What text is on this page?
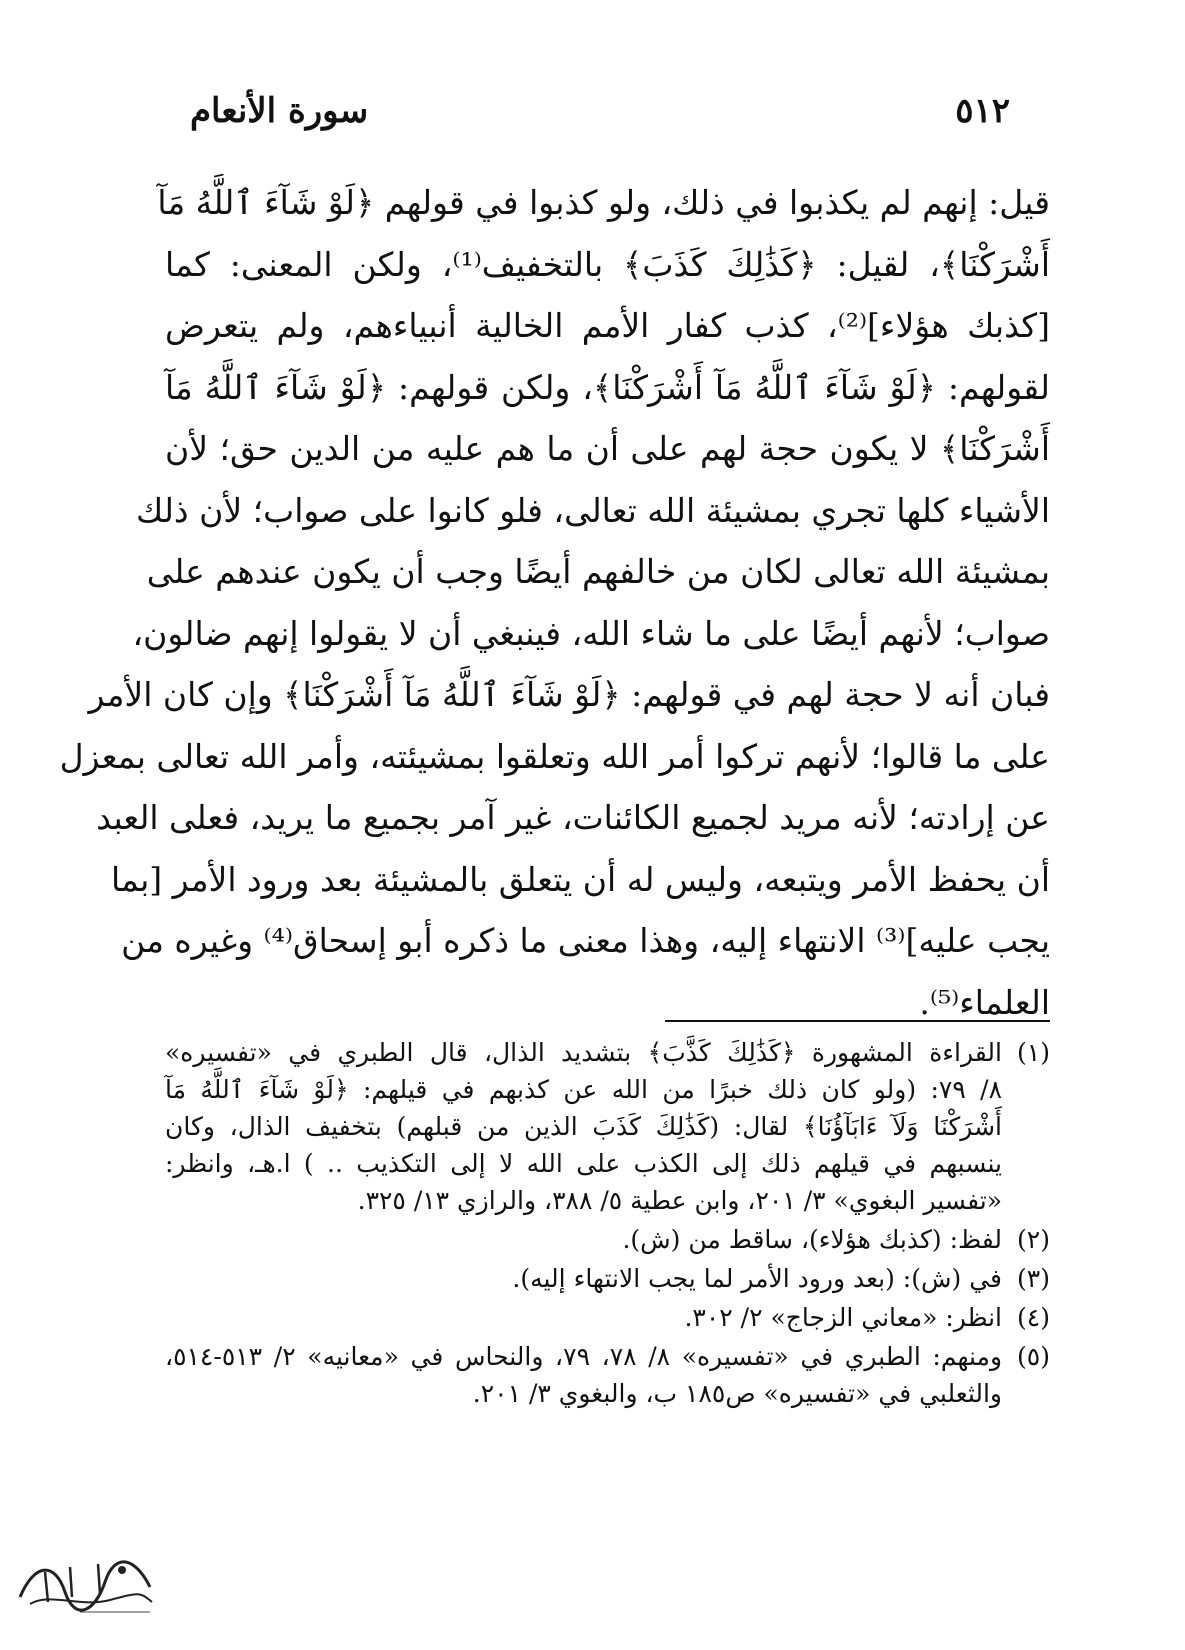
٥١٢
سورة الأنعام
قيل: إنهم لم يكذبوا في ذلك، ولو كذبوا في قولهم ﴿لَوْ شَآءَ ٱللَّهُ مَآ
أَشْرَكْنَا﴾، لقيل: ﴿كَذَٰلِكَ كَذَبَ﴾ بالتخفيف⁽¹⁾، ولكن المعنى: كما
[كذبك هؤلاء]⁽²⁾، كذب كفار الأمم الخالية أنبياءهم، ولم يتعرض
لقولهم: ﴿لَوْ شَآءَ ٱللَّهُ مَآ أَشْرَكْنَا﴾، ولكن قولهم: ﴿لَوْ شَآءَ ٱللَّهُ مَآ
أَشْرَكْنَا﴾ لا يكون حجة لهم على أن ما هم عليه من الدين حق؛ لأن
الأشياء كلها تجري بمشيئة الله تعالى، فلو كانوا على صواب؛ لأن ذلك
بمشيئة الله تعالى لكان من خالفهم أيضًا وجب أن يكون عندهم على
صواب؛ لأنهم أيضًا على ما شاء الله، فينبغي أن لا يقولوا إنهم ضالون،
فبان أنه لا حجة لهم في قولهم: ﴿لَوْ شَآءَ ٱللَّهُ مَآ أَشْرَكْنَا﴾ وإن كان الأمر
على ما قالوا؛ لأنهم تركوا أمر الله وتعلقوا بمشيئته، وأمر الله تعالى بمعزل
عن إرادته؛ لأنه مريد لجميع الكائنات، غير آمر بجميع ما يريد، فعلى العبد
أن يحفظ الأمر ويتبعه، وليس له أن يتعلق بالمشيئة بعد ورود الأمر [بما
يجب عليه]⁽³⁾ الانتهاء إليه، وهذا معنى ما ذكره أبو إسحاق⁽⁴⁾ وغيره من
العلماء⁽⁵⁾.
(١)
القراءة المشهورة ﴿كَذَٰلِكَ كَذَّبَ﴾ بتشديد الذال، قال الطبري في «تفسيره»
٨/ ٧٩: (ولو كان ذلك خبرًا من الله عن كذبهم في قيلهم: ﴿لَوْ شَآءَ ٱللَّهُ مَآ
أَشْرَكْنَا وَلَآ ءَابَآؤُنَا﴾ لقال: (كَذَٰلِكَ كَذَبَ الذين من قبلهم) بتخفيف الذال، وكان
ينسبهم في قيلهم ذلك إلى الكذب على الله لا إلى التكذيب .. ) ا.هـ، وانظر:
«تفسير البغوي» ٣/ ٢٠١، وابن عطية ٥/ ٣٨٨، والرازي ١٣/ ٣٢٥.
(٢)
لفظ: (كذبك هؤلاء)، ساقط من (ش).
(٣)
في (ش): (بعد ورود الأمر لما يجب الانتهاء إليه).
(٤)
انظر: «معاني الزجاج» ٢/ ٣٠٢.
(٥)
ومنهم: الطبري في «تفسيره» ٨/ ٧٨، ٧٩، والنحاس في «معانيه» ٢/ ٥١٣-٥١٤،
والثعلبي في «تفسيره» ص١٨٥ ب، والبغوي ٣/ ٢٠١.
